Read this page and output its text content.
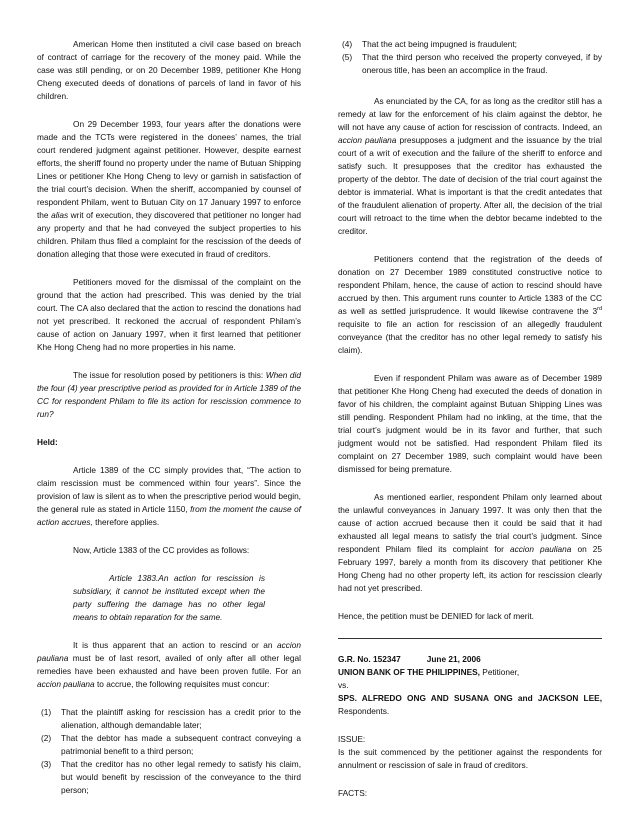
American Home then instituted a civil case based on breach of contract of carriage for the recovery of the money paid. While the case was still pending, or on 20 December 1989, petitioner Khe Hong Cheng executed deeds of donations of parcels of land in favor of his children.

On 29 December 1993, four years after the donations were made and the TCTs were registered in the donees’ names, the trial court rendered judgment against petitioner. However, despite earnest efforts, the sheriff found no property under the name of Butuan Shipping Lines or petitioner Khe Hong Cheng to levy or garnish in satisfaction of the trial court’s decision. When the sheriff, accompanied by counsel of respondent Philam, went to Butuan City on 17 January 1997 to enforce the alias writ of execution, they discovered that petitioner no longer had any property and that he had conveyed the subject properties to his children. Philam thus filed a complaint for the rescission of the deeds of donation alleging that those were executed in fraud of creditors.

Petitioners moved for the dismissal of the complaint on the ground that the action had prescribed. This was denied by the trial court. The CA also declared that the action to rescind the donations had not yet prescribed. It reckoned the accrual of respondent Philam’s cause of action on January 1997, when it first learned that petitioner Khe Hong Cheng had no more properties in his name.

The issue for resolution posed by petitioners is this: When did the four (4) year prescriptive period as provided for in Article 1389 of the CC for respondent Philam to file its action for rescission commence to run?

Held:

Article 1389 of the CC simply provides that, “The action to claim rescission must be commenced within four years”. Since the provision of law is silent as to when the prescriptive period would begin, the general rule as stated in Article 1150, from the moment the cause of action accrues, therefore applies.

Now, Article 1383 of the CC provides as follows:

Article 1383.An action for rescission is subsidiary, it cannot be instituted except when the party suffering the damage has no other legal means to obtain reparation for the same.

It is thus apparent that an action to rescind or an accion pauliana must be of last resort, availed of only after all other legal remedies have been exhausted and have been proven futile. For an accion pauliana to accrue, the following requisites must concur:

(1)	That the plaintiff asking for rescission has a credit prior to the alienation, although demandable later;
(2)	That the debtor has made a subsequent contract conveying a patrimonial benefit to a third person;
(3)	That the creditor has no other legal remedy to satisfy his claim, but would benefit by rescission of the conveyance to the third person;
(4)	That the act being impugned is fraudulent;
(5)	That the third person who received the property conveyed, if by onerous title, has been an accomplice in the fraud.

As enunciated by the CA, for as long as the creditor still has a remedy at law for the enforcement of his claim against the debtor, he will not have any cause of action for rescission of contracts. Indeed, an accion pauliana presupposes a judgment and the issuance by the trial court of a writ of execution and the failure of the sheriff to enforce and satisfy such. It presupposes that the creditor has exhausted the property of the debtor. The date of decision of the trial court against the debtor is immaterial. What is important is that the credit antedates that of the fraudulent alienation of property. After all, the decision of the trial court will retroact to the time when the debtor became indebted to the creditor.

Petitioners contend that the registration of the deeds of donation on 27 December 1989 constituted constructive notice to respondent Philam, hence, the cause of action to rescind should have accrued by then. This argument runs counter to Article 1383 of the CC as well as settled jurisprudence. It would likewise contravene the 3rd requisite to file an action for rescission of an allegedly fraudulent conveyance (that the creditor has no other legal remedy to satisfy his claim).

Even if respondent Philam was aware as of December 1989 that petitioner Khe Hong Cheng had executed the deeds of donation in favor of his children, the complaint against Butuan Shipping Lines was still pending. Respondent Philam had no inkling, at the time, that the trial court’s judgment would be in its favor and further, that such judgment would not be satisfied. Had respondent Philam filed its complaint on 27 December 1989, such complaint would have been dismissed for being premature.

As mentioned earlier, respondent Philam only learned about the unlawful conveyances in January 1997. It was only then that the cause of action accrued because then it could be said that it had exhausted all legal means to satisfy the trial court’s judgment. Since respondent Philam filed its complaint for accion pauliana on 25 February 1997, barely a month from its discovery that petitioner Khe Hong Cheng had no other property left, its action for rescission clearly had not yet prescribed.

Hence, the petition must be DENIED for lack of merit.

G.R. No. 152347	June 21, 2006

UNION BANK OF THE PHILIPPINES, Petitioner,

vs.

SPS. ALFREDO ONG AND SUSANA ONG and JACKSON LEE, Respondents.

ISSUE:

Is the suit commenced by the petitioner against the respondents for annulment or rescission of sale in fraud of creditors.

FACTS:
